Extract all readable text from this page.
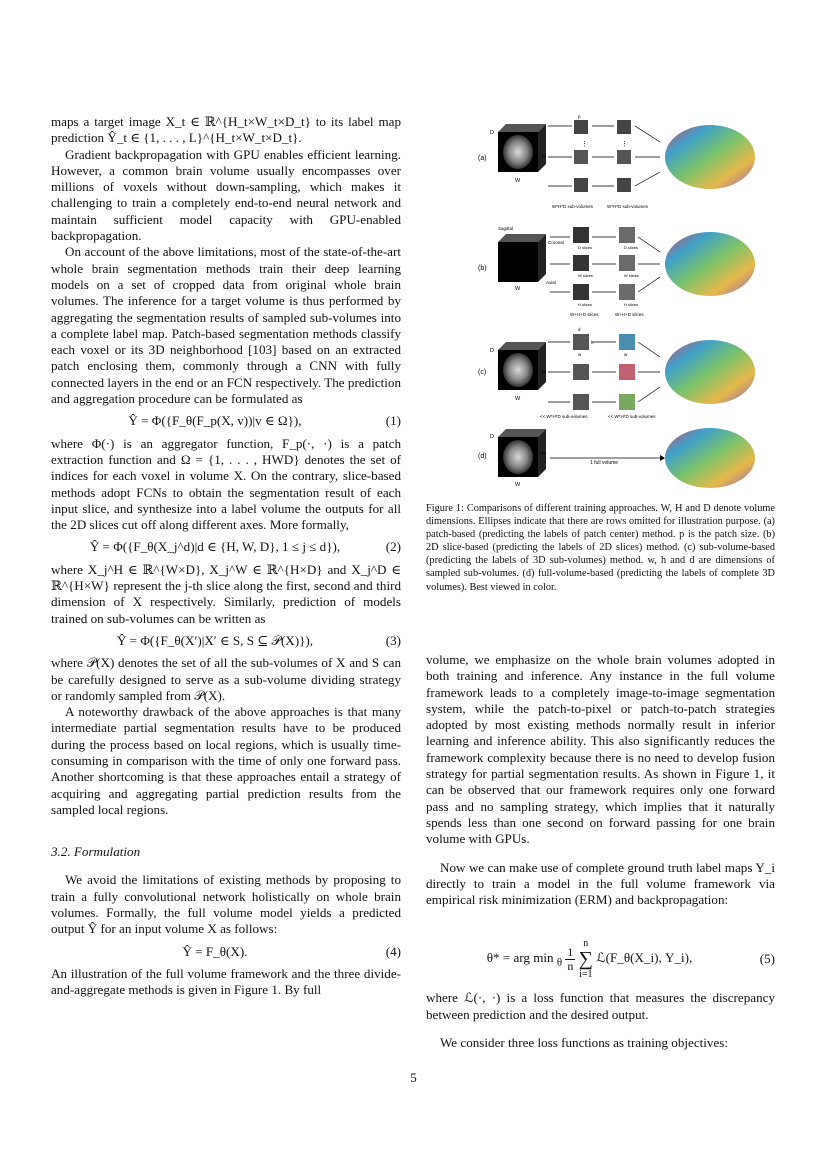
maps a target image X_t ∈ ℝ^{H_t×W_t×D_t} to its label map prediction Ŷ_t ∈ {1, . . . , L}^{H_t×W_t×D_t}.

Gradient backpropagation with GPU enables efficient learning. However, a common brain volume usually encompasses over millions of voxels without down-sampling, which makes it challenging to train a completely end-to-end neural network and maintain sufficient model capacity with GPU-enabled backpropagation.

On account of the above limitations, most of the state-of-the-art whole brain segmentation methods train their deep learning models on a set of cropped data from original whole brain volumes. The inference for a target volume is thus performed by aggregating the segmentation results of sampled sub-volumes into a complete label map. Patch-based segmentation methods classify each voxel or its 3D neighborhood [103] based on an extracted patch enclosing them, commonly through a CNN with fully connected layers in the end or an FCN respectively. The prediction and aggregation procedure can be formulated as

Ŷ = Φ({F_θ(F_p(X, v))|v ∈ Ω}),	(1)

where Φ(·) is an aggregator function, F_p(·, ·) is a patch extraction function and Ω = {1, . . . , HWD} denotes the set of indices for each voxel in volume X. On the contrary, slice-based methods adopt FCNs to obtain the segmentation result of each input slice, and synthesize into a label volume the outputs for all the 2D slices cut off along different axes. More formally,

Ŷ = Φ({F_θ(X_j^d)|d ∈ {H, W, D}, 1 ≤ j ≤ d}),	(2)

where X_j^H ∈ ℝ^{W×D}, X_j^W ∈ ℝ^{H×D} and X_j^D ∈ ℝ^{H×W} represent the j-th slice along the first, second and third dimension of X respectively. Similarly, prediction of models trained on sub-volumes can be written as

Ŷ = Φ({F_θ(X′)|X′ ∈ S, S ⊆ 𝒫(X)}),	(3)

where 𝒫(X) denotes the set of all the sub-volumes of X and S can be carefully designed to serve as a sub-volume dividing strategy or randomly sampled from 𝒫(X).

A noteworthy drawback of the above approaches is that many intermediate partial segmentation results have to be produced during the process based on local regions, which is usually time-consuming in comparison with the time of only one forward pass. Another shortcoming is that these approaches entail a strategy of acquiring and aggregating partial prediction results from the sampled local regions.

3.2. Formulation

We avoid the limitations of existing methods by proposing to train a fully convolutional network holistically on whole brain volumes. Formally, the full volume model yields a predicted output Ŷ for an input volume X as follows:

Ŷ = F_θ(X).	(4)

An illustration of the full volume framework and the three divide-and-aggregate methods is given in Figure 1. By full

(a)
D
W
H
p
⋮	⋮
W*H*D sub-volumes	W*H*D sub-volumes
(b)
Sagittal
Coronal
Axial
W
D slices
W slices
H slices
D slices
W slices
H slices
W+H+D slices	W+H+D slices
(c)
D
W
H
d
w
h
w
<< W*H*D sub-volumes	<< W*H*D sub-volumes
(d)
D
W
H
1 full volume
Figure 1: Comparisons of different training approaches. W, H and D denote volume dimensions. Ellipses indicate that there are rows omitted for illustration purpose. (a) patch-based (predicting the labels of patch center) method. p is the patch size. (b) 2D slice-based (predicting the labels of 2D slices) method. (c) sub-volume-based (predicting the labels of 3D sub-volumes) method. w, h and d are dimensions of sampled sub-volumes. (d) full-volume-based (predicting the labels of complete 3D volumes). Best viewed in color.

volume, we emphasize on the whole brain volumes adopted in both training and inference. Any instance in the full volume framework leads to a completely image-to-image segmentation system, while the patch-to-pixel or patch-to-patch strategies adopted by most existing methods normally result in inferior learning and inference ability. This also significantly reduces the framework complexity because there is no need to develop fusion strategy for partial segmentation results. As shown in Figure 1, it can be observed that our framework requires only one forward pass and no sampling strategy, which implies that it naturally spends less than one second on forward passing for one brain volume with GPUs.

Now we can make use of complete ground truth label maps Y_i directly to train a model in the full volume framework via empirical risk minimization (ERM) and backpropagation:

θ* = arg $\min _\theta \frac{1}{n}$

n
∑
i=1
ℒ(F_θ(X_i), Y_i),	(5)

where ℒ(·, ·) is a loss function that measures the discrepancy between prediction and the desired output.

We consider three loss functions as training objectives:

5
